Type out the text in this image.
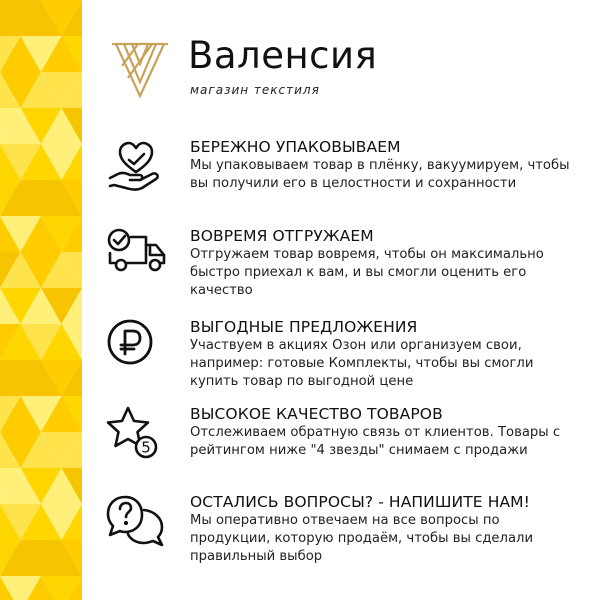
Валенсия
магазин текстиля
БЕРЕЖНО УПАКОВЫВАЕМ
Мы упаковываем товар в плёнку, вакуумируем, чтобы вы получили его в целостности и сохранности
ВОВРЕМЯ ОТГРУЖАЕМ
Отгружаем товар вовремя, чтобы он максимально быстро приехал к вам, и вы смогли оценить его качество
ВЫГОДНЫЕ ПРЕДЛОЖЕНИЯ
Участвуем в акциях Озон или организуем свои, например: готовые Комплекты, чтобы вы смогли купить товар по выгодной цене
5
ВЫСОКОЕ КАЧЕСТВО ТОВАРОВ
Отслеживаем обратную связь от клиентов. Товары с рейтингом ниже "4 звезды" снимаем с продажи
ОСТАЛИСЬ ВОПРОСЫ? - НАПИШИТЕ НАМ!
Мы оперативно отвечаем на все вопросы по продукции, которую продаём, чтобы вы сделали правильный выбор
